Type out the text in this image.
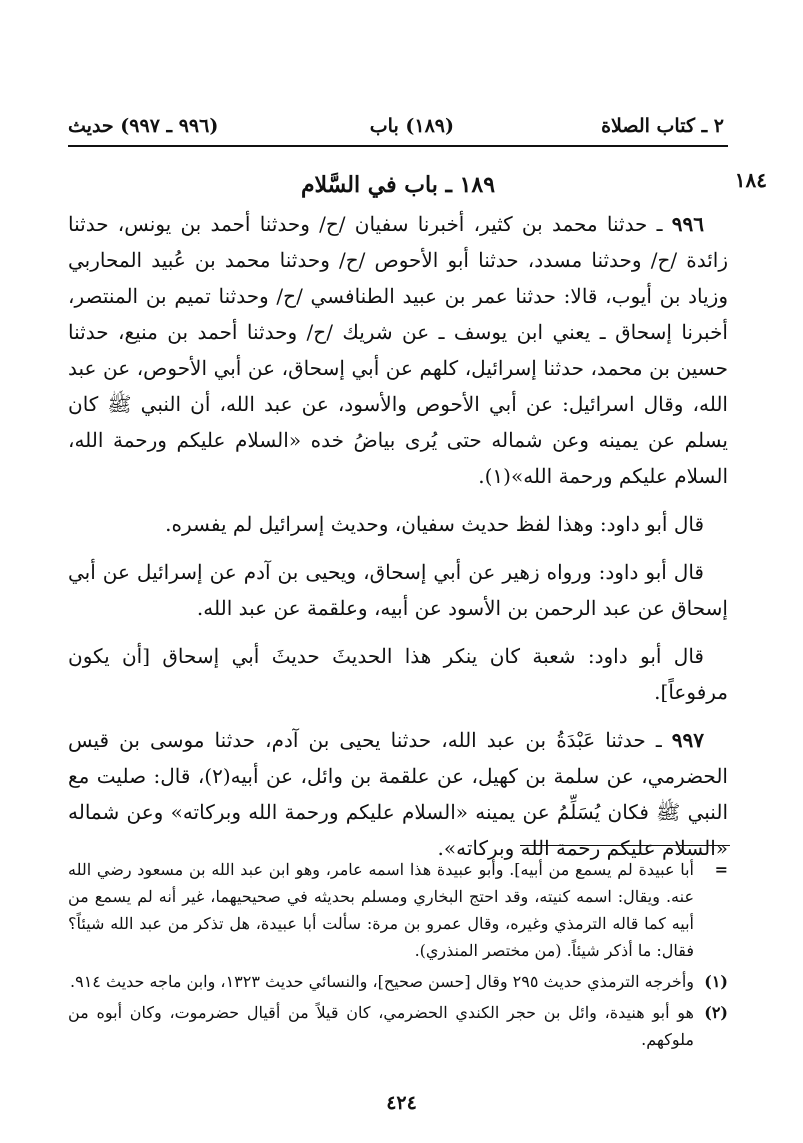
٢ ـ كتاب الصلاة
(١٨٩) باب
(٩٩٦ ـ ٩٩٧) حديث
١٨٤
١٨٩ ـ باب في السَّلام

٩٩٦ ـ حدثنا محمد بن كثير، أخبرنا سفيان /ح/ وحدثنا أحمد بن يونس، حدثنا زائدة /ح/ وحدثنا مسدد، حدثنا أبو الأحوص /ح/ وحدثنا محمد بن عُبيد المحاربي وزياد بن أيوب، قالا: حدثنا عمر بن عبيد الطنافسي /ح/ وحدثنا تميم بن المنتصر، أخبرنا إسحاق ـ يعني ابن يوسف ـ عن شريك /ح/ وحدثنا أحمد بن منيع، حدثنا حسين بن محمد، حدثنا إسرائيل، كلهم عن أبي إسحاق، عن أبي الأحوص، عن عبد الله، وقال اسرائيل: عن أبي الأحوص والأسود، عن عبد الله، أن النبي ﷺ كان يسلم عن يمينه وعن شماله حتى يُرى بياضُ خده «السلام عليكم ورحمة الله، السلام عليكم ورحمة الله»(١).

قال أبو داود: وهذا لفظ حديث سفيان، وحديث إسرائيل لم يفسره.

قال أبو داود: ورواه زهير عن أبي إسحاق، ويحيى بن آدم عن إسرائيل عن أبي إسحاق عن عبد الرحمن بن الأسود عن أبيه، وعلقمة عن عبد الله.

قال أبو داود: شعبة كان ينكر هذا الحديثَ حديثَ أبي إسحاق [أن يكون مرفوعاً].

٩٩٧ ـ حدثنا عَبْدَةُ بن عبد الله، حدثنا يحيى بن آدم، حدثنا موسى بن قيس الحضرمي، عن سلمة بن كهيل، عن علقمة بن وائل، عن أبيه(٢)، قال: صليت مع النبي ﷺ فكان يُسَلِّمُ عن يمينه «السلام عليكم ورحمة الله وبركاته» وعن شماله «السلام عليكم رحمة الله وبركاته».

=
أبا عبيدة لم يسمع من أبيه]. وأبو عبيدة هذا اسمه عامر، وهو ابن عبد الله بن مسعود رضي الله عنه. ويقال: اسمه كنيته، وقد احتج البخاري ومسلم بحديثه في صحيحيهما، غير أنه لم يسمع من أبيه كما قاله الترمذي وغيره، وقال عمرو بن مرة: سألت أبا عبيدة، هل تذكر من عبد الله شيئاً؟ فقال: ما أذكر شيئاً. (من مختصر المنذري).
(١)
وأخرجه الترمذي حديث ٢٩٥ وقال [حسن صحيح]، والنسائي حديث ١٣٢٣، وابن ماجه حديث ٩١٤.
(٢)
هو أبو هنيدة، وائل بن حجر الكندي الحضرمي، كان قيلاً من أقيال حضرموت، وكان أبوه من ملوكهم.
٤٢٤
